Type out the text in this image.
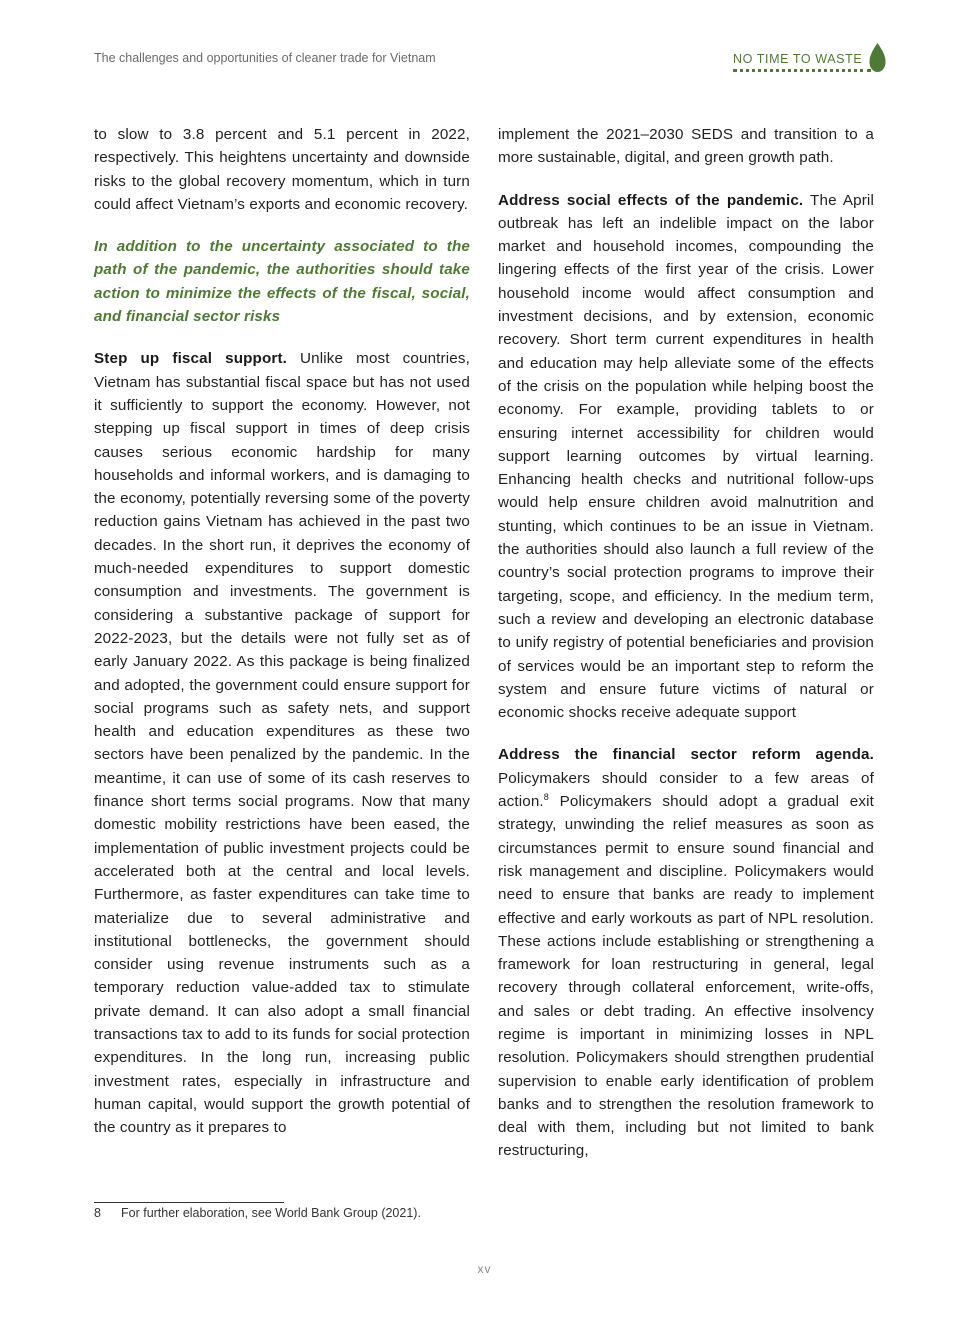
The challenges and opportunities of cleaner trade for Vietnam	NO TIME TO WASTE

to slow to 3.8 percent and 5.1 percent in 2022, respectively. This heightens uncertainty and downside risks to the global recovery momentum, which in turn could affect Vietnam’s exports and economic recovery.

In addition to the uncertainty associated to the path of the pandemic, the authorities should take action to minimize the effects of the fiscal, social, and financial sector risks

Step up fiscal support. Unlike most countries, Vietnam has substantial fiscal space but has not used it sufficiently to support the economy. However, not stepping up fiscal support in times of deep crisis causes serious economic hardship for many households and informal workers, and is damaging to the economy, potentially reversing some of the poverty reduction gains Vietnam has achieved in the past two decades. In the short run, it deprives the economy of much-needed expenditures to support domestic consumption and investments. The government is considering a substantive package of support for 2022-2023, but the details were not fully set as of early January 2022. As this package is being finalized and adopted, the government could ensure support for social programs such as safety nets, and support health and education expenditures as these two sectors have been penalized by the pandemic. In the meantime, it can use of some of its cash reserves to finance short terms social programs. Now that many domestic mobility restrictions have been eased, the implementation of public investment projects could be accelerated both at the central and local levels. Furthermore, as faster expenditures can take time to materialize due to several administrative and institutional bottlenecks, the government should consider using revenue instruments such as a temporary reduction value-added tax to stimulate private demand. It can also adopt a small financial transactions tax to add to its funds for social protection expenditures. In the long run, increasing public investment rates, especially in infrastructure and human capital, would support the growth potential of the country as it prepares to

implement the 2021–2030 SEDS and transition to a more sustainable, digital, and green growth path.

Address social effects of the pandemic. The April outbreak has left an indelible impact on the labor market and household incomes, compounding the lingering effects of the first year of the crisis. Lower household income would affect consumption and investment decisions, and by extension, economic recovery. Short term current expenditures in health and education may help alleviate some of the effects of the crisis on the population while helping boost the economy. For example, providing tablets to or ensuring internet accessibility for children would support learning outcomes by virtual learning. Enhancing health checks and nutritional follow-ups would help ensure children avoid malnutrition and stunting, which continues to be an issue in Vietnam. the authorities should also launch a full review of the country’s social protection programs to improve their targeting, scope, and efficiency. In the medium term, such a review and developing an electronic database to unify registry of potential beneficiaries and provision of services would be an important step to reform the system and ensure future victims of natural or economic shocks receive adequate support

Address the financial sector reform agenda. Policymakers should consider to a few areas of action.$^8$ Policymakers should adopt a gradual exit strategy, unwinding the relief measures as soon as circumstances permit to ensure sound financial and risk management and discipline. Policymakers would need to ensure that banks are ready to implement effective and early workouts as part of NPL resolution. These actions include establishing or strengthening a framework for loan restructuring in general, legal recovery through collateral enforcement, write-offs, and sales or debt trading. An effective insolvency regime is important in minimizing losses in NPL resolution. Policymakers should strengthen prudential supervision to enable early identification of problem banks and to strengthen the resolution framework to deal with them, including but not limited to bank restructuring,

8 For further elaboration, see World Bank Group (2021).
xv
